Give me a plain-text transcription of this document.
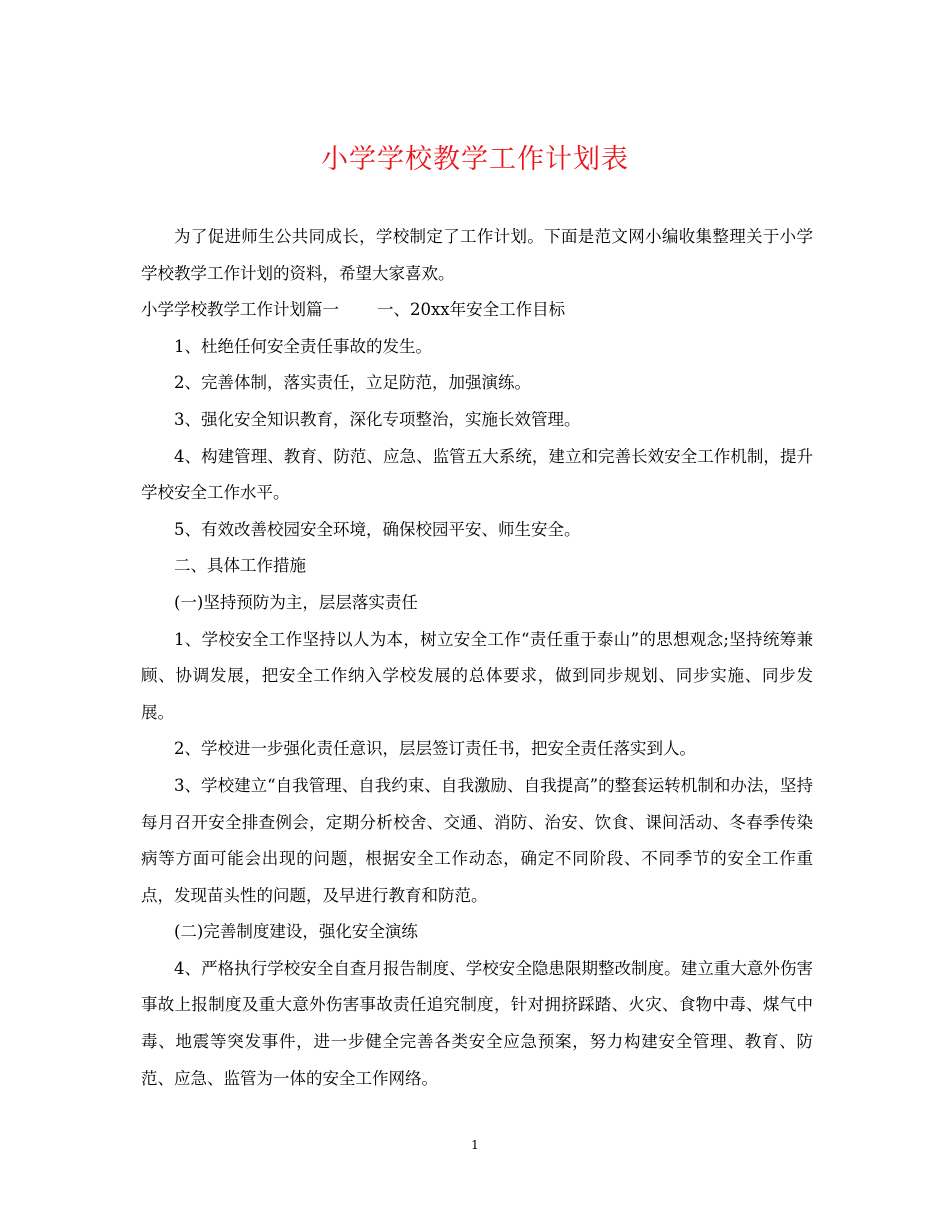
小学学校教学工作计划表

为了促进师生公共同成长，学校制定了工作计划。下面是范文网小编收集整理关于小学学校教学工作计划的资料，希望大家喜欢。

小学学校教学工作计划篇一 一、20xx年安全工作目标

1、杜绝任何安全责任事故的发生。

2、完善体制，落实责任，立足防范，加强演练。

3、强化安全知识教育，深化专项整治，实施长效管理。

4、构建管理、教育、防范、应急、监管五大系统，建立和完善长效安全工作机制，提升学校安全工作水平。

5、有效改善校园安全环境，确保校园平安、师生安全。

二、具体工作措施

(一)坚持预防为主，层层落实责任

1、学校安全工作坚持以人为本，树立安全工作“责任重于泰山”的思想观念;坚持统筹兼顾、协调发展，把安全工作纳入学校发展的总体要求，做到同步规划、同步实施、同步发展。

2、学校进一步强化责任意识，层层签订责任书，把安全责任落实到人。

3、学校建立“自我管理、自我约束、自我激励、自我提高”的整套运转机制和办法，坚持每月召开安全排查例会，定期分析校舍、交通、消防、治安、饮食、课间活动、冬春季传染病等方面可能会出现的问题，根据安全工作动态，确定不同阶段、不同季节的安全工作重点，发现苗头性的问题，及早进行教育和防范。

(二)完善制度建设，强化安全演练

4、严格执行学校安全自查月报告制度、学校安全隐患限期整改制度。建立重大意外伤害事故上报制度及重大意外伤害事故责任追究制度，针对拥挤踩踏、火灾、食物中毒、煤气中毒、地震等突发事件，进一步健全完善各类安全应急预案，努力构建安全管理、教育、防范、应急、监管为一体的安全工作网络。

1
